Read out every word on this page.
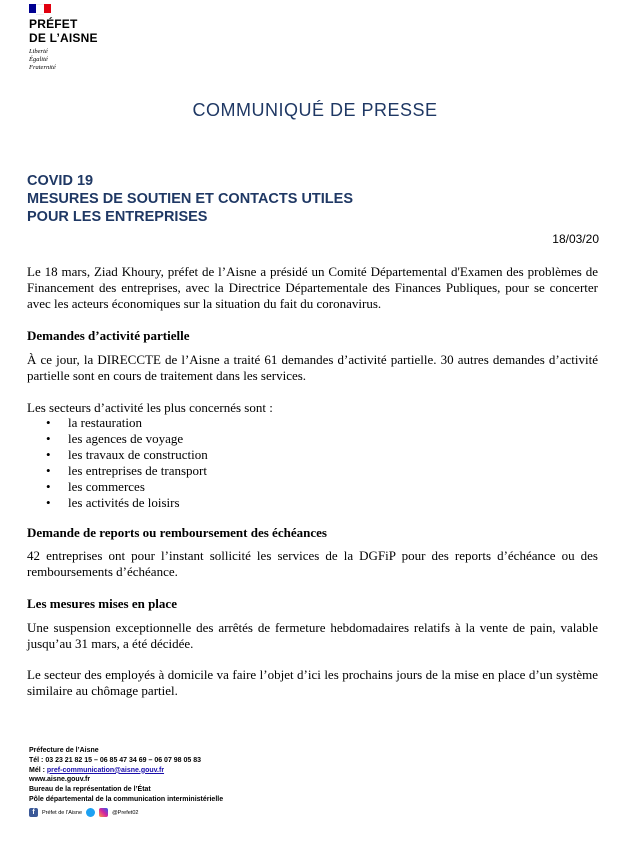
PRÉFET
DE L’AISNE
Liberté
Égalité
Fraternité
COMMUNIQUÉ DE PRESSE
COVID 19
MESURES DE SOUTIEN ET CONTACTS UTILES
POUR LES ENTREPRISES
18/03/20

Le 18 mars, Ziad Khoury, préfet de l’Aisne a présidé un Comité Départemental d'Examen des problèmes de Financement des entreprises, avec la Directrice Départementale des Finances Publiques, pour se concerter avec les acteurs économiques sur la situation du fait du coronavirus.

Demandes d’activité partielle

À ce jour, la DIRECCTE de l’Aisne a traité 61 demandes d’activité partielle. 30 autres demandes d’activité partielle sont en cours de traitement dans les services.

Les secteurs d’activité les plus concernés sont :
• la restauration
• les agences de voyage
• les travaux de construction
• les entreprises de transport
• les commerces
• les activités de loisirs
Demande de reports ou remboursement des échéances

42 entreprises ont pour l’instant sollicité les services de la DGFiP pour des reports d’échéance ou des remboursements d’échéance.

Les mesures mises en place

Une suspension exceptionnelle des arrêtés de fermeture hebdomadaires relatifs à la vente de pain, valable jusqu’au 31 mars, a été décidée.

Le secteur des employés à domicile va faire l’objet d’ici les prochains jours de la mise en place d’un système similaire au chômage partiel.

Préfecture de l’Aisne
Tél : 03 23 21 82 15 – 06 85 47 34 69 – 06 07 98 05 83
Mél : pref-communication@aisne.gouv.fr
www.aisne.gouv.fr
Bureau de la représentation de l’État
Pôle départemental de la communication interministérielle
f	Préfet de l’Aisne	@Prefet02
